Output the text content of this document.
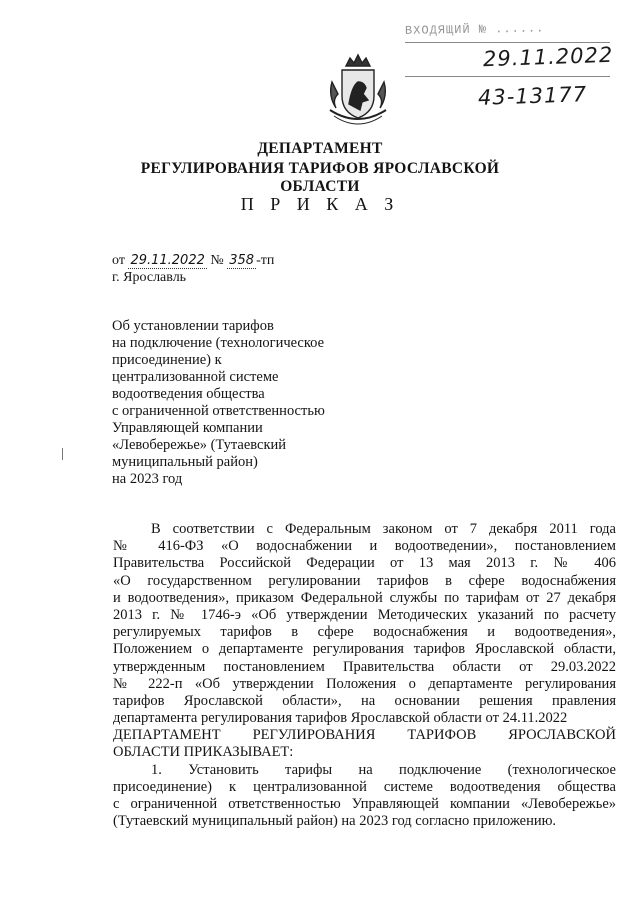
ВХОДЯЩИЙ № ......
29.11.2022
43-13177
ДЕПАРТАМЕНТ
РЕГУЛИРОВАНИЯ ТАРИФОВ ЯРОСЛАВСКОЙ ОБЛАСТИ
П Р И К А З
от 29.11.2022 № 358 -тп
г. Ярославль
Об установлении тарифов
на подключение (технологическое
присоединение) к
централизованной системе
водоотведения общества
с ограниченной ответственностью
Управляющей компании
«Левобережье» (Тутаевский
муниципальный район)
на 2023 год
В соответствии с Федеральным законом от 7 декабря 2011 года
№ 416-ФЗ «О водоснабжении и водоотведении», постановлением
Правительства Российской Федерации от 13 мая 2013 г. № 406
«О государственном регулировании тарифов в сфере водоснабжения
и водоотведения», приказом Федеральной службы по тарифам от 27 декабря
2013 г. № 1746-э «Об утверждении Методических указаний по расчету
регулируемых тарифов в сфере водоснабжения и водоотведения»,
Положением о департаменте регулирования тарифов Ярославской области,
утвержденным постановлением Правительства области от 29.03.2022
№ 222-п «Об утверждении Положения о департаменте регулирования
тарифов Ярославской области», на основании решения правления
департамента регулирования тарифов Ярославской области от 24.11.2022
ДЕПАРТАМЕНТ РЕГУЛИРОВАНИЯ ТАРИФОВ ЯРОСЛАВСКОЙ
ОБЛАСТИ ПРИКАЗЫВАЕТ:
1. Установить тарифы на подключение (технологическое
присоединение) к централизованной системе водоотведения общества
с ограниченной ответственностью Управляющей компании «Левобережье»
(Тутаевский муниципальный район) на 2023 год согласно приложению.
